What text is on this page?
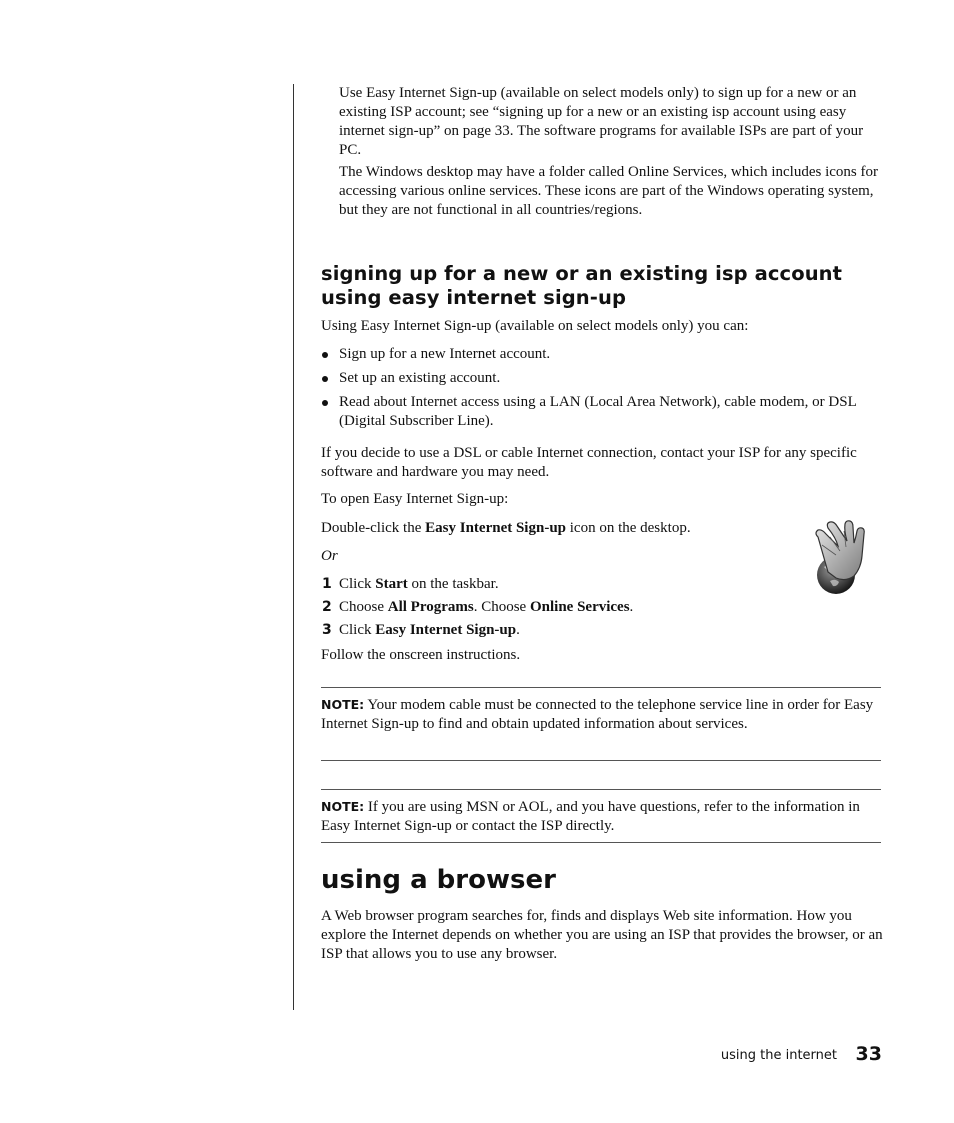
Use Easy Internet Sign-up (available on select models only) to sign up for a new or an existing ISP account; see “signing up for a new or an existing isp account using easy internet sign-up” on page 33. The software programs for available ISPs are part of your PC.

The Windows desktop may have a folder called Online Services, which includes icons for accessing various online services. These icons are part of the Windows operating system, but they are not functional in all countries/regions.

signing up for a new or an existing isp account
using easy internet sign-up

Using Easy Internet Sign-up (available on select models only) you can:

Sign up for a new Internet account.
Set up an existing account.
Read about Internet access using a LAN (Local Area Network), cable modem, or DSL (Digital Subscriber Line).

If you decide to use a DSL or cable Internet connection, contact your ISP for any specific software and hardware you may need.

To open Easy Internet Sign-up:

Double-click the Easy Internet Sign-up icon on the desktop.

Or

1 Click Start on the taskbar.
2 Choose All Programs. Choose Online Services.
3 Click Easy Internet Sign-up.

Follow the onscreen instructions.

NOTE: Your modem cable must be connected to the telephone service line in order for Easy Internet Sign-up to find and obtain updated information about services.

NOTE: If you are using MSN or AOL, and you have questions, refer to the information in Easy Internet Sign-up or contact the ISP directly.

using a browser

A Web browser program searches for, finds and displays Web site information. How you explore the Internet depends on whether you are using an ISP that provides the browser, or an ISP that allows you to use any browser.

using the internet 33
